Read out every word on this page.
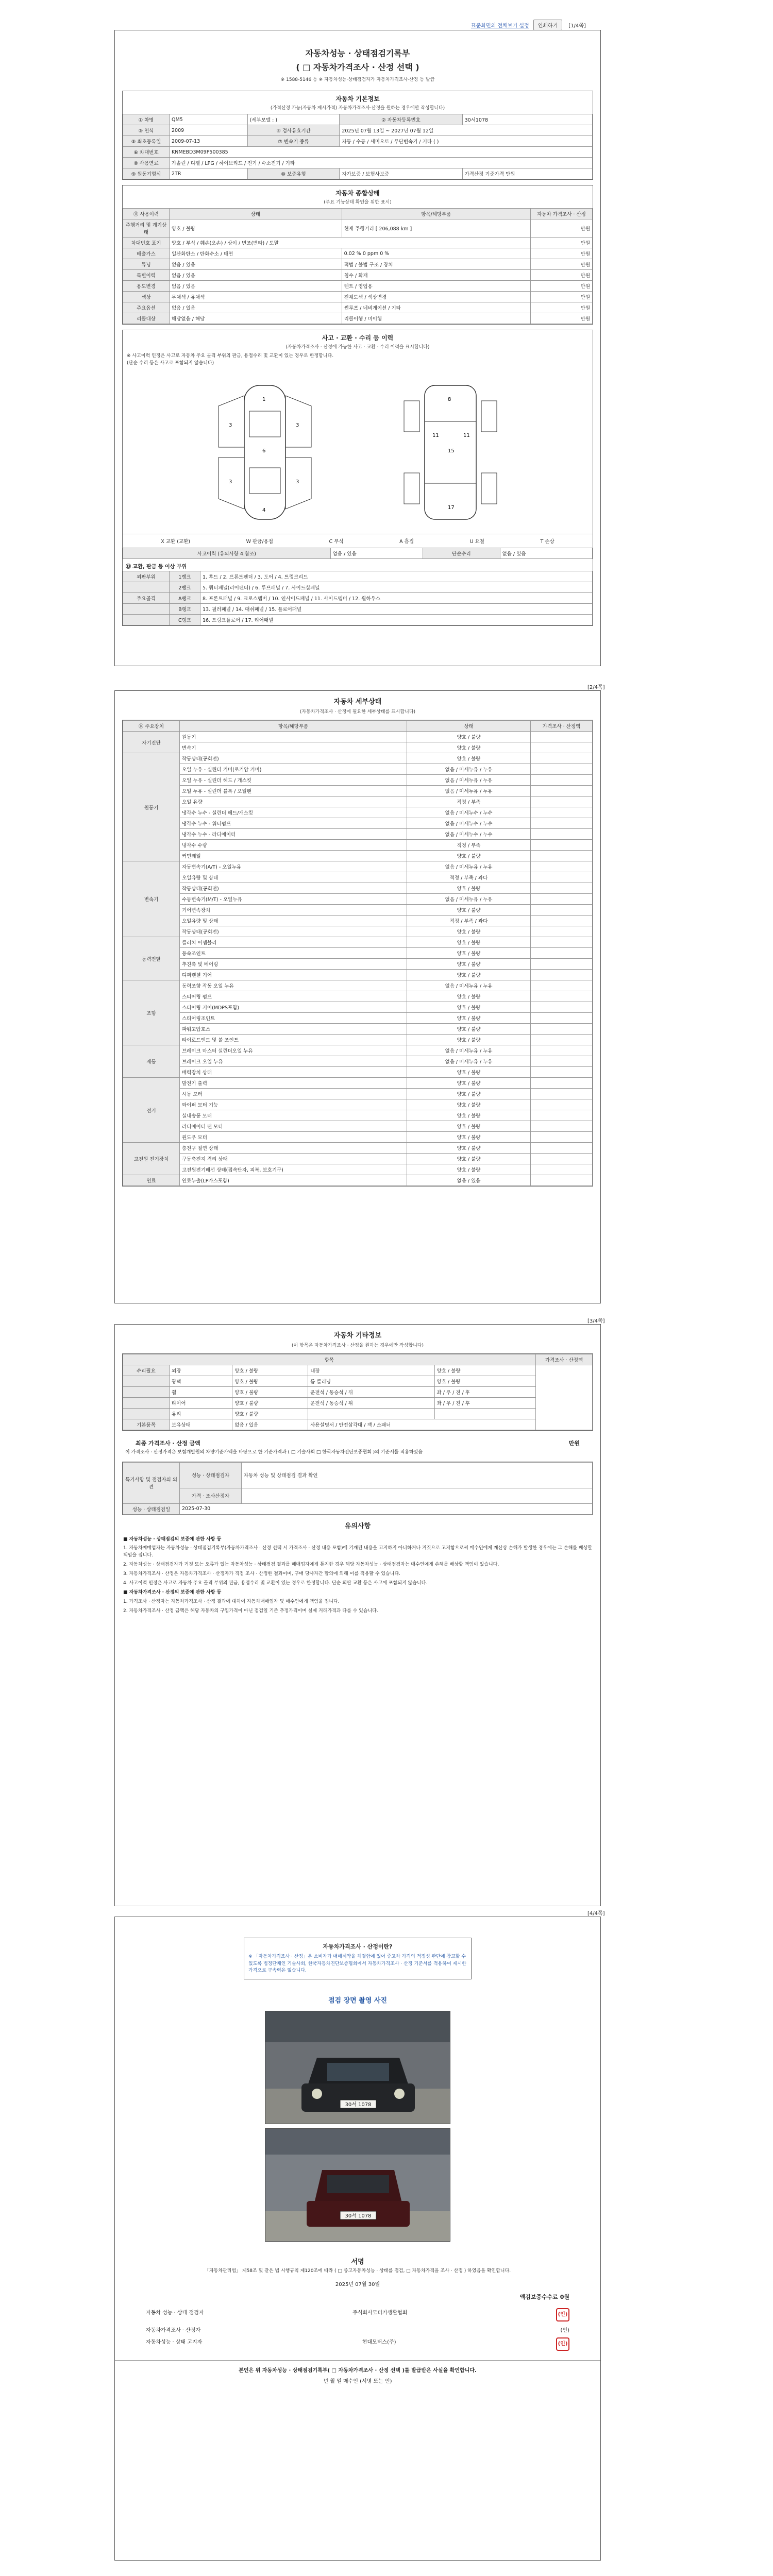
표준화면의 전체보기 설정	인쇄하기	[1/4쪽]
자동차성능 · 상태점검기록부
( □ 자동차가격조사 · 산정 선택 )
※ 1588-5146 등 ※ 자동차성능·상태점검자가 자동차가격조사·산정 등 발급
자동차 기본정보
(가격산정 가능(자동차 제시가격) 자동차가격조사·산정을 원하는 경우에만 작성합니다)
① 차명	QM5	(세부모델 : )	② 자동차등록번호	30서1078
③ 연식	2009	④ 검사유효기간	2025년 07월 13일 ~ 2027년 07월 12일	
⑤ 최초등록일	2009-07-13	⑦ 변속기 종류	자동 / 수동 / 세미오토 / 무단변속기 / 기타 ( )	
⑥ 차대번호	KNMEBD3M09P500385			
⑧ 사용연료	가솔린 / 디젤 / LPG / 하이브리드 / 전기 / 수소전기 / 기타			
⑨ 원동기형식	2TR	⑩ 보증유형	자가보증 / 보험사보증	가격산정 기준가격 만원
자동차 종합상태
(주요 기능상태 확인을 위한 표시)
⑪ 사용이력	상태	항목/해당부품	자동차 가격조사 · 산정
주행거리 및 계기상태	양호 / 불량	현재 주행거리 [ 206,088 km ]	만원
차대번호 표기	양호 / 부식 / 훼손(오손) / 상이 / 변조(변타) / 도말		만원
배출가스	일산화탄소 / 탄화수소 / 매연	0.02 % 0 ppm 0 %	만원
튜닝	없음 / 있음	적법 / 불법 구조 / 장치	만원
특별이력	없음 / 있음	침수 / 화재	만원
용도변경	없음 / 있음	렌트 / 영업용	만원
색상	무채색 / 유채색	전체도색 / 색상변경	만원
주요옵션	없음 / 있음	썬루프 / 네비게이션 / 기타	만원
리콜대상	해당없음 / 해당	리콜이행 / 미이행	만원
사고 · 교환 · 수리 등 이력
(자동차가격조사 · 산정에 가능한 사고 · 교환 · 수리 이력을 표시합니다)
※ 사고이력 인정은 사고로 자동차 주요 골격 부위의 판금, 용접수리 및 교환이 있는 경우로 한정합니다.
(단순 수리 등은 사고로 포함되지 않습니다)
1
6
4
3	3
3	3
8
15
17
11	11
X 교환 (교환)	W 판금/용접	C 부식	A 흠집	U 요철	T 손상
사고이력 (유의사항 4.참조)	없음 / 있음	단순수리	없음 / 있음
⑬ 교환, 판금 등 이상 부위
외판부위	1랭크	1. 후드 / 2. 프론트펜더 / 3. 도어 / 4. 트렁크리드
	2랭크	5. 쿼터패널(리어펜더) / 6. 루프패널 / 7. 사이드실패널
주요골격	A랭크	8. 프론트패널 / 9. 크로스멤버 / 10. 인사이드패널 / 11. 사이드멤버 / 12. 휠하우스
	B랭크	13. 필러패널 / 14. 대쉬패널 / 15. 플로어패널
	C랭크	16. 트렁크플로어 / 17. 리어패널
[2/4쪽]
자동차 세부상태
(자동차가격조사 · 산정에 필요한 세부상태를 표시합니다)
⑭ 주요장치	항목/해당부품	상태	가격조사 · 산정액
자기진단	원동기	양호 / 불량	
	변속기	양호 / 불량	
원동기	작동상태(공회전)	양호 / 불량	
	오일 누유 - 실린더 커버(로커암 커버)	없음 / 미세누유 / 누유	
	오일 누유 - 실린더 헤드 / 개스킷	없음 / 미세누유 / 누유	
	오일 누유 - 실린더 블록 / 오일팬	없음 / 미세누유 / 누유	
	오일 유량	적정 / 부족	
	냉각수 누수 - 실린더 헤드/개스킷	없음 / 미세누수 / 누수	
	냉각수 누수 - 워터펌프	없음 / 미세누수 / 누수	
	냉각수 누수 - 라디에이터	없음 / 미세누수 / 누수	
	냉각수 수량	적정 / 부족	
	커먼레일	양호 / 불량	
변속기	자동변속기(A/T) - 오일누유	없음 / 미세누유 / 누유	
	오일유량 및 상태	적정 / 부족 / 과다	
	작동상태(공회전)	양호 / 불량	
	수동변속기(M/T) - 오일누유	없음 / 미세누유 / 누유	
	기어변속장치	양호 / 불량	
	오일유량 및 상태	적정 / 부족 / 과다	
	작동상태(공회전)	양호 / 불량	
동력전달	클러치 어셈블리	양호 / 불량	
	등속조인트	양호 / 불량	
	추진축 및 베어링	양호 / 불량	
	디퍼렌셜 기어	양호 / 불량	
조향	동력조향 작동 오일 누유	없음 / 미세누유 / 누유	
	스티어링 펌프	양호 / 불량	
	스티어링 기어(MDPS포함)	양호 / 불량	
	스티어링조인트	양호 / 불량	
	파워고압호스	양호 / 불량	
	타이로드엔드 및 볼 조인트	양호 / 불량	
제동	브레이크 마스터 실린더오일 누유	없음 / 미세누유 / 누유	
	브레이크 오일 누유	없음 / 미세누유 / 누유	
	배력장치 상태	양호 / 불량	
전기	발전기 출력	양호 / 불량	
	시동 모터	양호 / 불량	
	와이퍼 모터 기능	양호 / 불량	
	실내송풍 모터	양호 / 불량	
	라디에이터 팬 모터	양호 / 불량	
	윈도우 모터	양호 / 불량	
고전원 전기장치	충전구 절연 상태	양호 / 불량	
	구동축전지 격리 상태	양호 / 불량	
	고전원전기배선 상태(접속단자, 피복, 보호기구)	양호 / 불량	
연료	연료누출(LP가스포함)	없음 / 있음	
[3/4쪽]
자동차 기타정보
(이 항목은 자동차가격조사 · 산정을 원하는 경우에만 작성합니다)
항목					가격조사 · 산정액
수리필요	외장	양호 / 불량	내장	양호 / 불량	
	광택	양호 / 불량	룸 클리닝	양호 / 불량	
	휠	양호 / 불량	운전석 / 동승석 / 뒤	좌 / 우 / 전 / 후	
	타이어	양호 / 불량	운전석 / 동승석 / 뒤	좌 / 우 / 전 / 후	
	유리	양호 / 불량			
기본품목	보유상태	없음 / 있음	사용설명서 / 안전삼각대 / 잭 / 스패너		
최종 가격조사 · 산정 금액	만원
이 가격조사 · 산정가격은 보험개발원의 차량기준가액을 바탕으로 한 기준가격과 ( □ 기술사회 □ 한국자동차진단보증협회 )의 기준서를 적용하였음
특기사항 및 점검자의 의견	성능 · 상태점검자	자동차 성능 및 상태점검 결과 확인
	가격 · 조사산정자	
성능 · 상태점검일	2025-07-30	
유의사항

■ 자동차성능 · 상태점검의 보증에 관한 사항 등

1. 자동차매매업자는 자동차성능 · 상태점검기록부(자동차가격조사 · 산정 선택 시 가격조사 · 산정 내용 포함)에 기재된 내용을 고지하지 아니하거나 거짓으로 고지함으로써 매수인에게 재산상 손해가 발생한 경우에는 그 손해를 배상할 책임을 집니다.

2. 자동차성능 · 상태점검자가 거짓 또는 오류가 있는 자동차성능 · 상태점검 결과를 매매업자에게 통지한 경우 해당 자동차성능 · 상태점검자는 매수인에게 손해를 배상할 책임이 있습니다.

3. 자동차가격조사 · 산정은 자동차가격조사 · 산정자가 직접 조사 · 산정한 결과이며, 구매 당사자간 합의에 의해 이를 적용할 수 있습니다.

4. 사고이력 인정은 사고로 자동차 주요 골격 부위의 판금, 용접수리 및 교환이 있는 경우로 한정합니다. 단순 외판 교환 등은 사고에 포함되지 않습니다.

■ 자동차가격조사 · 산정의 보증에 관한 사항 등

1. 가격조사 · 산정자는 자동차가격조사 · 산정 결과에 대하여 자동차매매업자 및 매수인에게 책임을 집니다.

2. 자동차가격조사 · 산정 금액은 해당 자동차의 구입가격이 아닌 점검일 기준 추정가격이며 실제 거래가격과 다를 수 있습니다.

[4/4쪽]
자동차가격조사 · 산정이란?
※ 「자동차가격조사 · 산정」은 소비자가 매매계약을 체결함에 있어 중고차 가격의 적정성 판단에 참고할 수 있도록 법정단체인 기술사회, 한국자동차진단보증협회에서 자동차가격조사 · 산정 기준서를 적용하여 제시한 가격으로 구속력은 없습니다.
점검 장면 촬영 사진
30서 1078
30서 1078
서명
「자동차관리법」 제58조 및 같은 법 시행규칙 제120조에 따라 ( □ 중고자동차성능 · 상태를 점검, □ 자동차가격을 조사 · 산정 ) 하였음을 확인합니다.
2025년 07월 30일
엑검보증수수료 0원
자동차 성능 · 상태 점검자	주식회사모터카생활협회	(인)
자동차가격조사 · 산정자	(인)
자동차성능 · 상태 고지자	현대모터스(주)	(인)
본인은 위 자동차성능 · 상태점검기록부( □ 자동차가격조사 · 산정 선택 )를 발급받은 사실을 확인합니다.
년 월 일 매수인 (서명 또는 인)
